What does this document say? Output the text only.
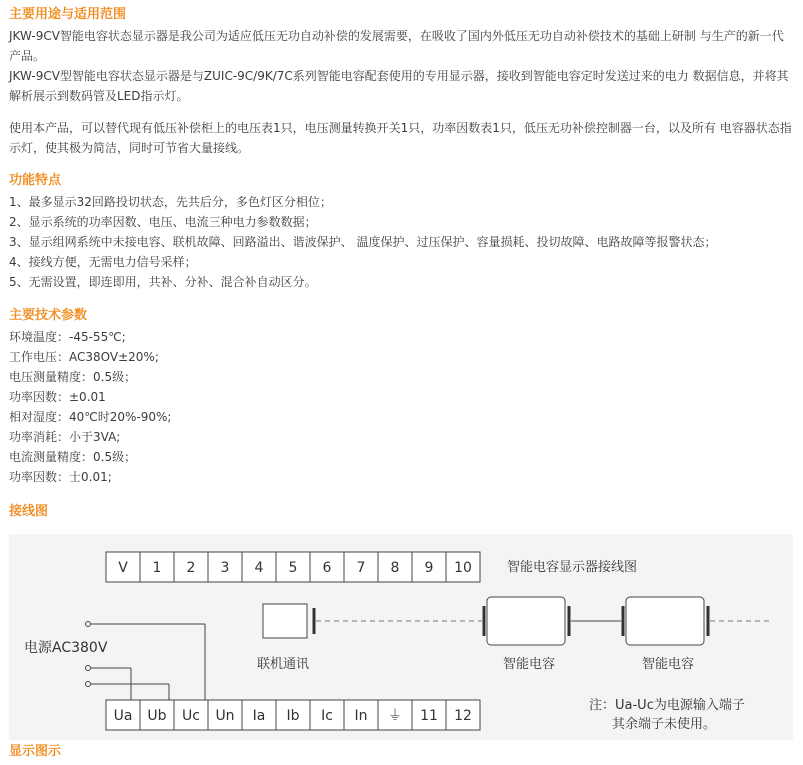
主要用途与适用范围
JKW-9CV智能电容状态显示器是我公司为适应低压无功自动补偿的发展需要，在吸收了国内外低压无功自动补偿技术的基础上研制 与生产的新一代
产品。
JKW-9CV型智能电容状态显示器是与ZUIC-9C/9K/7C系列智能电容配套使用的专用显示器，接收到智能电容定时发送过来的电力 数据信息，并将其
解析展示到数码管及LED指示灯。
使用本产品，可以替代现有低压补偿柜上的电压表1只，电压测量转换开关1只，功率因数表1只，低压无功补偿控制器一台，以及所有 电容器状态指
示灯，使其极为简洁，同时可节省大量接线。
功能特点
1、最多显示32回路投切状态，先共后分，多色灯区分相位；
2、显示系统的功率因数、电压、电流三种电力参数数据；
3、显示组网系统中未接电容、联机故障、回路溢出、谐波保护、 温度保护、过压保护、容量损耗、投切故障、电路故障等报警状态；
4、接线方便，无需电力信号采样；
5、无需设置，即连即用，共补、分补、混合补自动区分。
主要技术参数
环境温度：-45-55℃;
工作电压：AC38OV±20%;
电压测量精度：0.5级；
功率因数：±0.01
相对湿度：40℃时20%-90%;
功率消耗：小于3VA;
电流测量精度：0.5级；
功率因数：士0.01;
接线图
V 1 2 3 4 5 6 7 8 9 10
Ua Ub Uc Un Ia Ib Ic In ⏚ 11 12
智能电容显示器接线图
电源AC380V
联机通讯	智能电容	智能电容
注：Ua-Uc为电源输入端子
其余端子未使用。
显示图示
